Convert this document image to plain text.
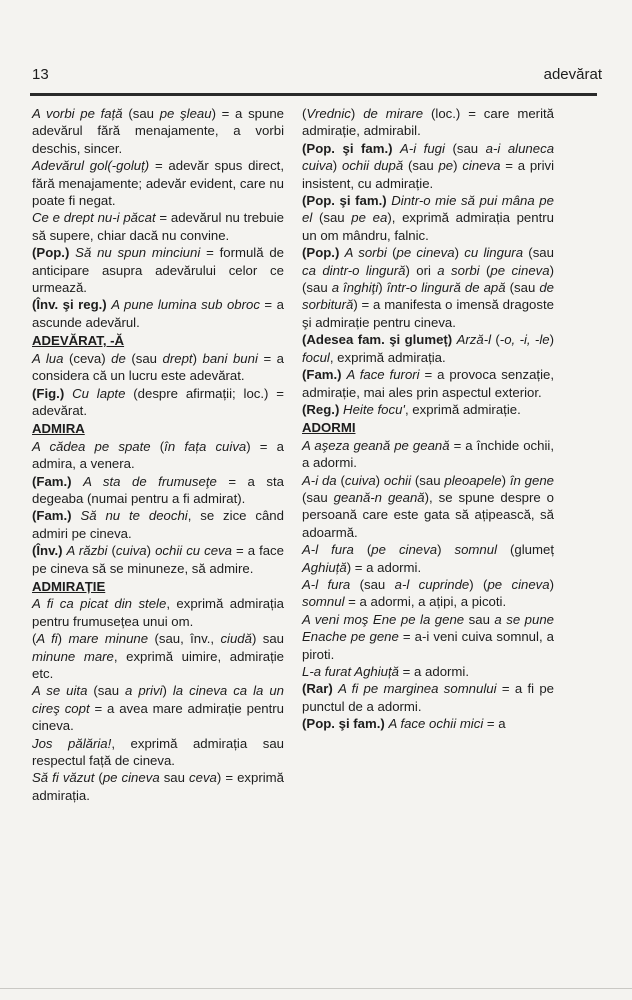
13	adevărat

A vorbi pe față (sau pe şleau) = a spune adevărul fără menajamente, a vorbi deschis, sincer.

Adevărul gol(-goluț) = adevăr spus direct, fără menajamente; adevăr evident, care nu poate fi negat.

Ce e drept nu-i păcat = adevărul nu trebuie să supere, chiar dacă nu convine.

(Pop.) Să nu spun minciuni = formulă de anticipare asupra adevărului celor ce urmează.

(Înv. şi reg.) A pune lumina sub obroc = a ascunde adevărul.

ADEVĂRAT, -Ă

A lua (ceva) de (sau drept) bani buni = a considera că un lucru este adevărat.

(Fig.) Cu lapte (despre afirmații; loc.) = adevărat.

ADMIRA

A cădea pe spate (în fața cuiva) = a admira, a venera.

(Fam.) A sta de frumuseţe = a sta degeaba (numai pentru a fi admirat).

(Fam.) Să nu te deochi, se zice când admiri pe cineva.

(Înv.) A răzbi (cuiva) ochii cu ceva = a face pe cineva să se minuneze, să admire.

ADMIRAȚIE

A fi ca picat din stele, exprimă admirația pentru frumusețea unui om.

(A fi) mare minune (sau, înv., ciudă) sau minune mare, exprimă uimire, admirație etc.

A se uita (sau a privi) la cineva ca la un cireş copt = a avea mare admirație pentru cineva.

Jos pălăria!, exprimă admirația sau respectul față de cineva.

Să fi văzut (pe cineva sau ceva) = exprimă admirația.

(Vrednic) de mirare (loc.) = care merită admirație, admirabil.

(Pop. şi fam.) A-i fugi (sau a-i aluneca cuiva) ochii după (sau pe) cineva = a privi insistent, cu admirație.

(Pop. şi fam.) Dintr-o mie să pui mâna pe el (sau pe ea), exprimă admirația pentru un om mândru, falnic.

(Pop.) A sorbi (pe cineva) cu lingura (sau ca dintr-o lingură) ori a sorbi (pe cineva) (sau a înghiţi) într-o lingură de apă (sau de sorbitură) = a manifesta o imensă dragoste şi admirație pentru cineva.

(Adesea fam. şi glumeț) Arză-l (-o, -i, -le) focul, exprimă admirația.

(Fam.) A face furori = a provoca senzație, admirație, mai ales prin aspectul exterior.

(Reg.) Heite focu', exprimă admirație.

ADORMI

A aşeza geană pe geană = a închide ochii, a adormi.

A-i da (cuiva) ochii (sau pleoapele) în gene (sau geană-n geană), se spune despre o persoană care este gata să ațipească, să adoarmă.

A-l fura (pe cineva) somnul (glumeț Aghiuță) = a adormi.

A-l fura (sau a-l cuprinde) (pe cineva) somnul = a adormi, a ațipi, a picoti.

A veni moş Ene pe la gene sau a se pune Enache pe gene = a-i veni cuiva somnul, a piroti.

L-a furat Aghiuță = a adormi.

(Rar) A fi pe marginea somnului = a fi pe punctul de a adormi.

(Pop. şi fam.) A face ochii mici = a
